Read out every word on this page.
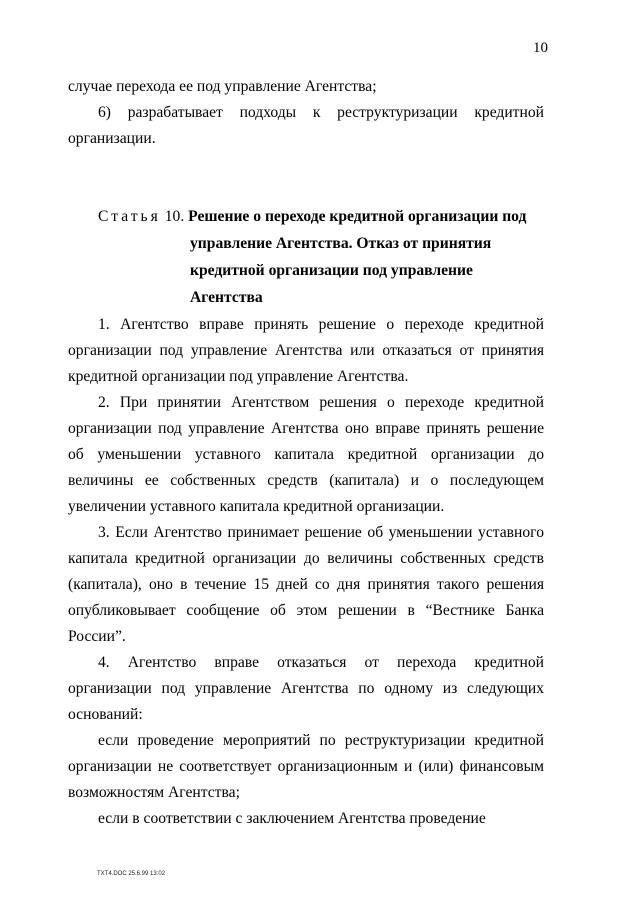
10

случае перехода ее под управление Агентства;

6) разрабатывает подходы к реструктуризации кредитной организации.

Статья 10. Решение о переходе кредитной организации под
управление Агентства. Отказ от принятия
кредитной организации под управление Агентства

1. Агентство вправе принять решение о переходе кредитной организации под управление Агентства или отказаться от принятия кредитной организации под управление Агентства.

2. При принятии Агентством решения о переходе кредитной организации под управление Агентства оно вправе принять решение об уменьшении уставного капитала кредитной организации до величины ее собственных средств (капитала) и о последующем увеличении уставного капитала кредитной организации.

3. Если Агентство принимает решение об уменьшении уставного капитала кредитной организации до величины собственных средств (капитала), оно в течение 15 дней со дня принятия такого решения опубликовывает сообщение об этом решении в “Вестнике Банка России”.

4. Агентство вправе отказаться от перехода кредитной организации под управление Агентства по одному из следующих оснований:

если проведение мероприятий по реструктуризации кредитной организации не соответствует организационным и (или) финансовым возможностям Агентства;

если в соответствии с заключением Агентства проведение

TXT4.DOC 25.6.99 13:02
